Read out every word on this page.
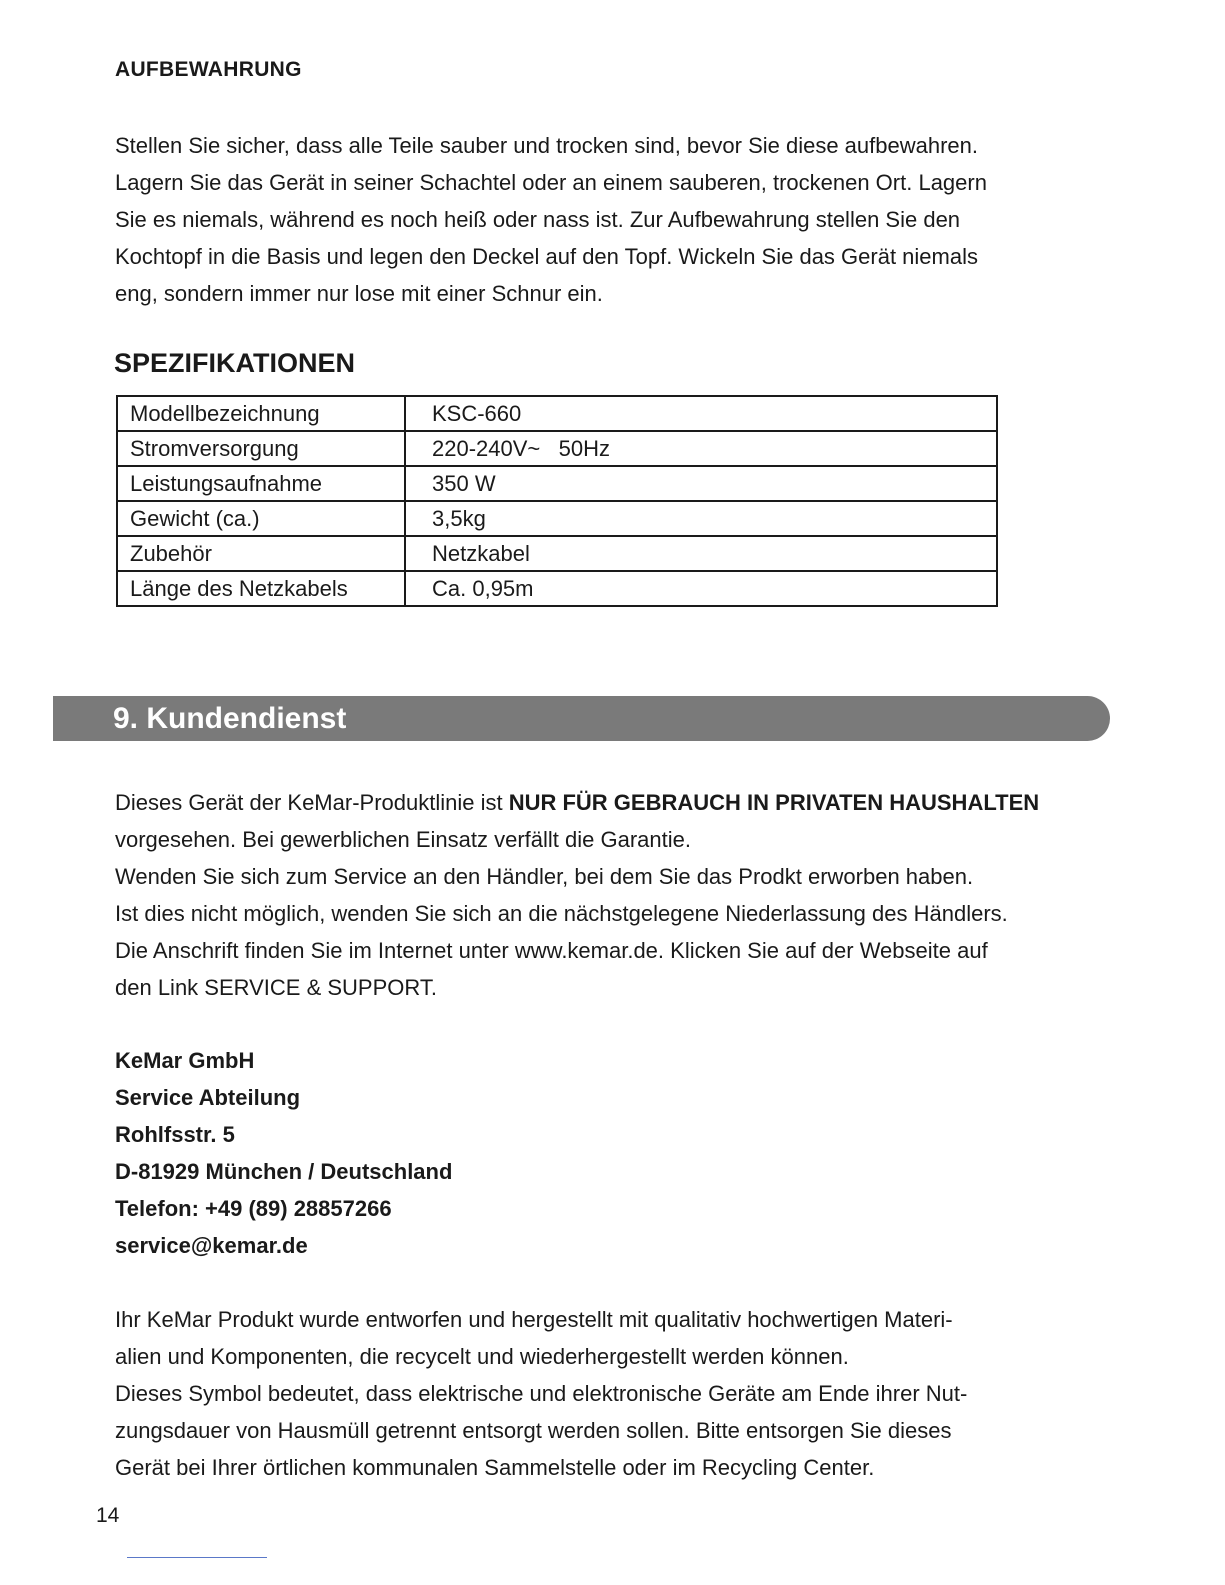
AUFBEWAHRUNG
Stellen Sie sicher, dass alle Teile sauber und trocken sind, bevor Sie diese aufbewahren.
Lagern Sie das Gerät in seiner Schachtel oder an einem sauberen, trockenen Ort. Lagern
Sie es niemals, während es noch heiß oder nass ist. Zur Aufbewahrung stellen Sie den
Kochtopf in die Basis und legen den Deckel auf den Topf. Wickeln Sie das Gerät niemals
eng, sondern immer nur lose mit einer Schnur ein.
SPEZIFIKATIONEN
Modellbezeichnung	KSC-660
Stromversorgung	220-240V~   50Hz
Leistungsaufnahme	350 W
Gewicht (ca.)	3,5kg
Zubehör	Netzkabel
Länge des Netzkabels	Ca. 0,95m
9. Kundendienst
Dieses Gerät der KeMar-Produktlinie ist NUR FÜR GEBRAUCH IN PRIVATEN HAUSHALTEN
vorgesehen. Bei gewerblichen Einsatz verfällt die Garantie.
Wenden Sie sich zum Service an den Händler, bei dem Sie das Prodkt erworben haben.
Ist dies nicht möglich, wenden Sie sich an die nächstgelegene Niederlassung des Händlers.
Die Anschrift finden Sie im Internet unter www.kemar.de. Klicken Sie auf der Webseite auf
den Link SERVICE & SUPPORT.
KeMar GmbH
Service Abteilung
Rohlfsstr. 5
D-81929 München / Deutschland
Telefon: +49 (89) 28857266
service@kemar.de
Ihr KeMar Produkt wurde entworfen und hergestellt mit qualitativ hochwertigen Materi-
alien und Komponenten, die recycelt und wiederhergestellt werden können.
Dieses Symbol bedeutet, dass elektrische und elektronische Geräte am Ende ihrer Nut-
zungsdauer von Hausmüll getrennt entsorgt werden sollen. Bitte entsorgen Sie dieses
Gerät bei Ihrer örtlichen kommunalen Sammelstelle oder im Recycling Center.
14
